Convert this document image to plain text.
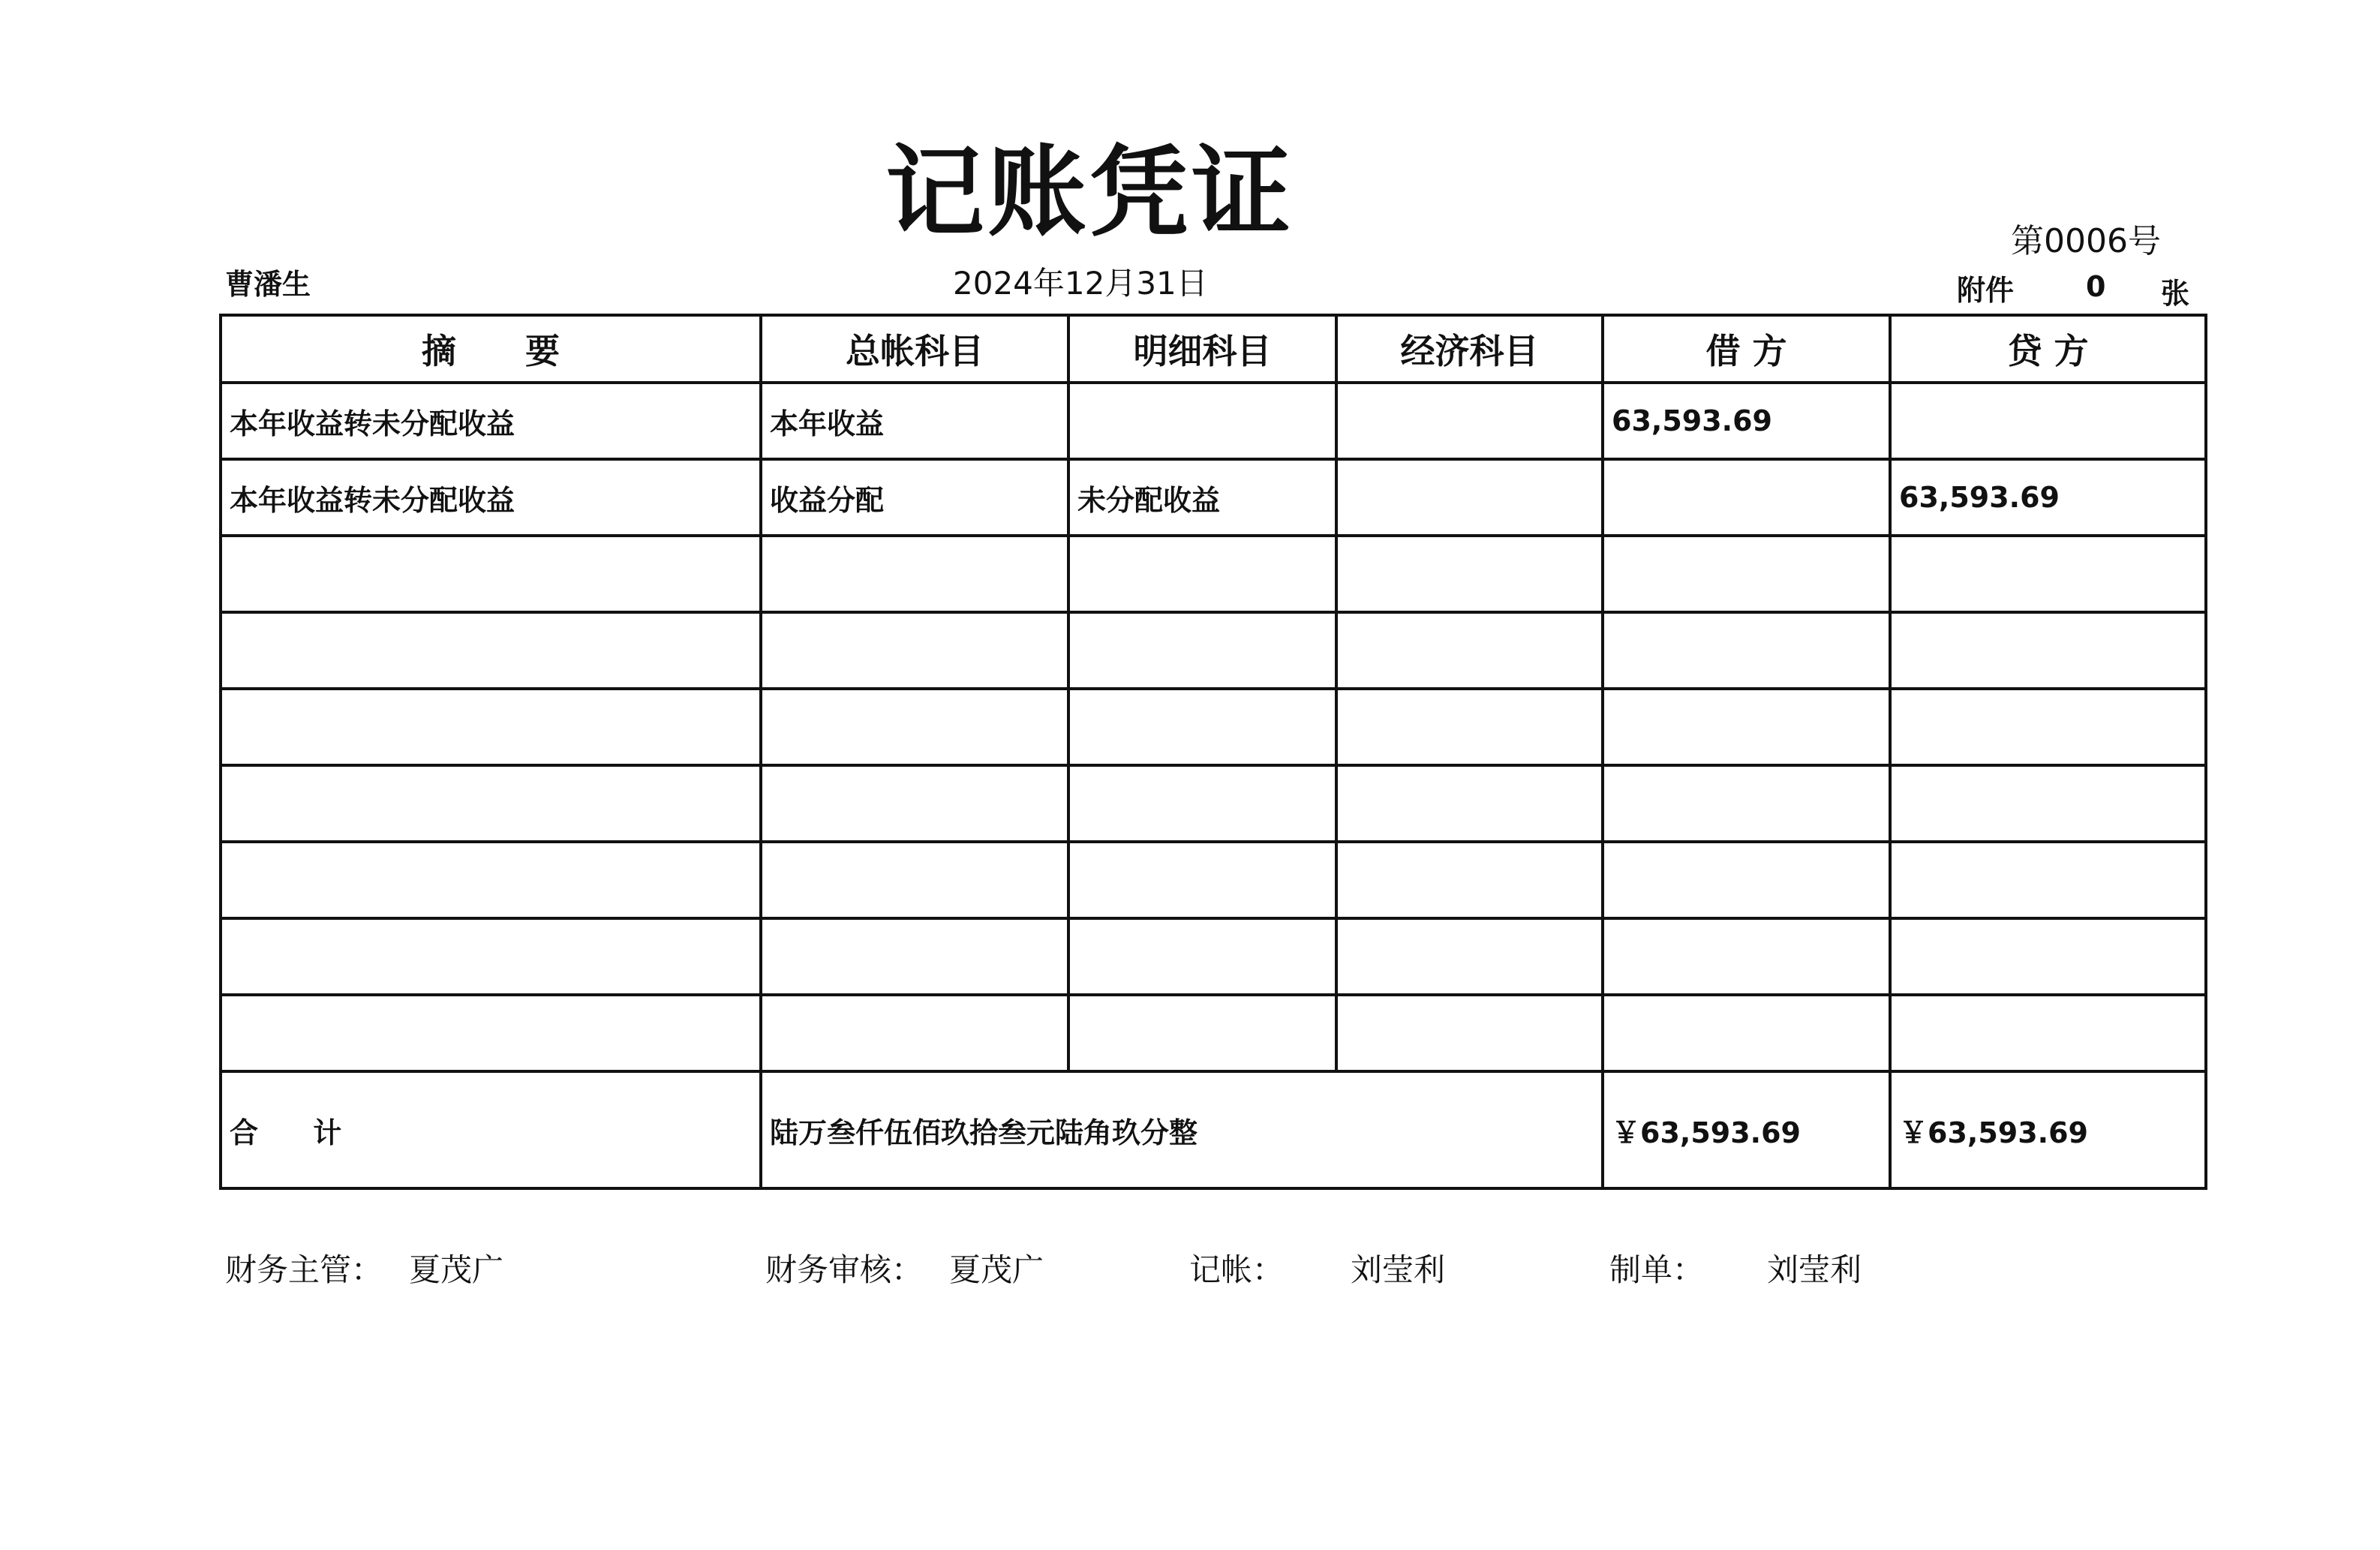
记账凭证	第0006号
曹潘生	2024年12月31日	附件	0 张
摘　　要	总帐科目	明细科目	经济科目	借 方	贷 方
本年收益转未分配收益	本年收益			63,593.69	
本年收益转未分配收益	收益分配	未分配收益			63,593.69

合 计	陆万叁仟伍佰玖拾叁元陆角玖分整			￥63,593.69	￥63,593.69
财务主管： 夏茂广	财务审核： 夏茂广	记帐： 刘莹利	制单： 刘莹利
